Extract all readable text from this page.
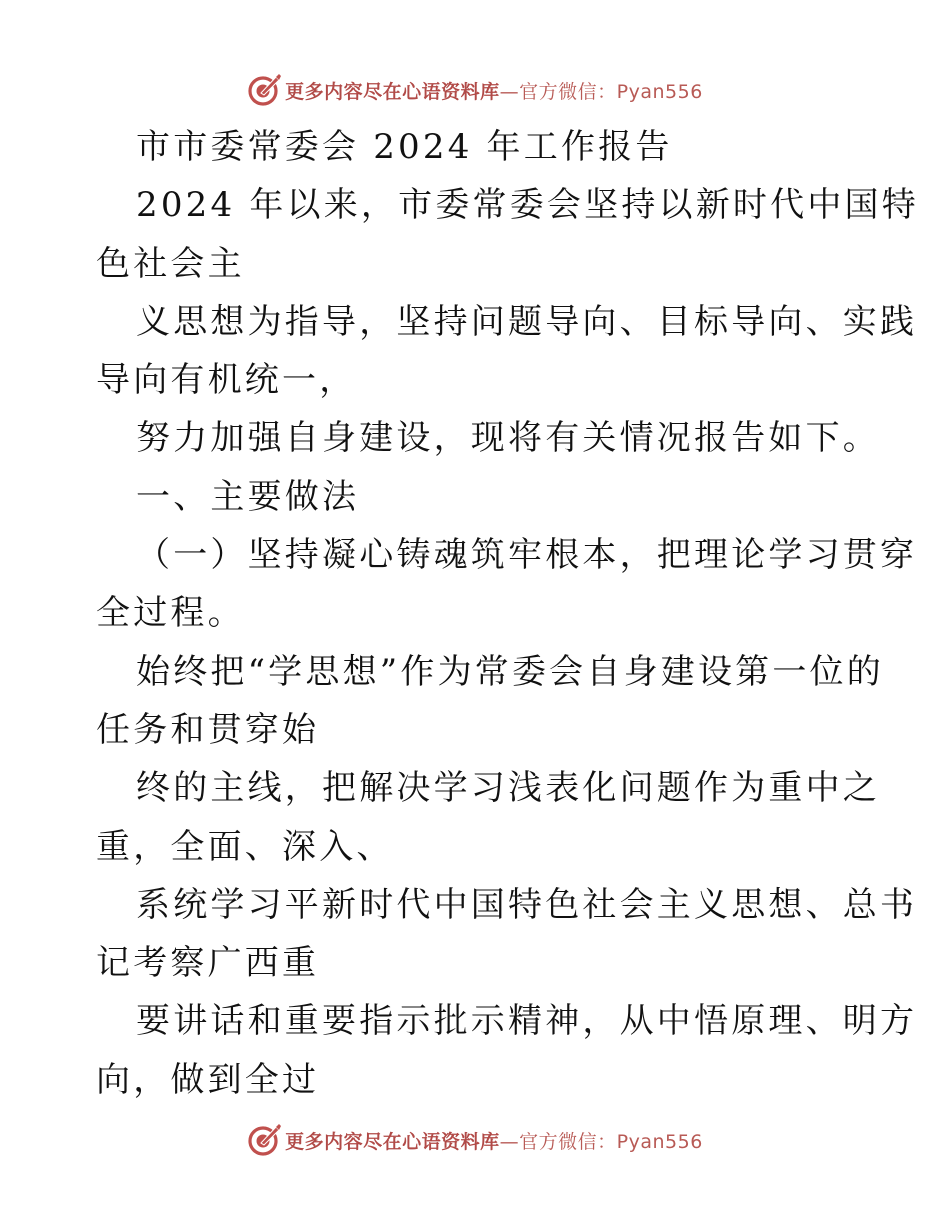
更多内容尽在心语资料库—官方微信：Pyan556
市市委常委会 2024 年工作报告
2024 年以来，市委常委会坚持以新时代中国特
色社会主
义思想为指导，坚持问题导向、目标导向、实践
导向有机统一，
努力加强自身建设，现将有关情况报告如下。
一、主要做法
（一）坚持凝心铸魂筑牢根本，把理论学习贯穿
全过程。
始终把“学思想”作为常委会自身建设第一位的
任务和贯穿始
终的主线，把解决学习浅表化问题作为重中之
重，全面、深入、
系统学习平新时代中国特色社会主义思想、总书
记考察广西重
要讲话和重要指示批示精神，从中悟原理、明方
向，做到全过
更多内容尽在心语资料库—官方微信：Pyan556
